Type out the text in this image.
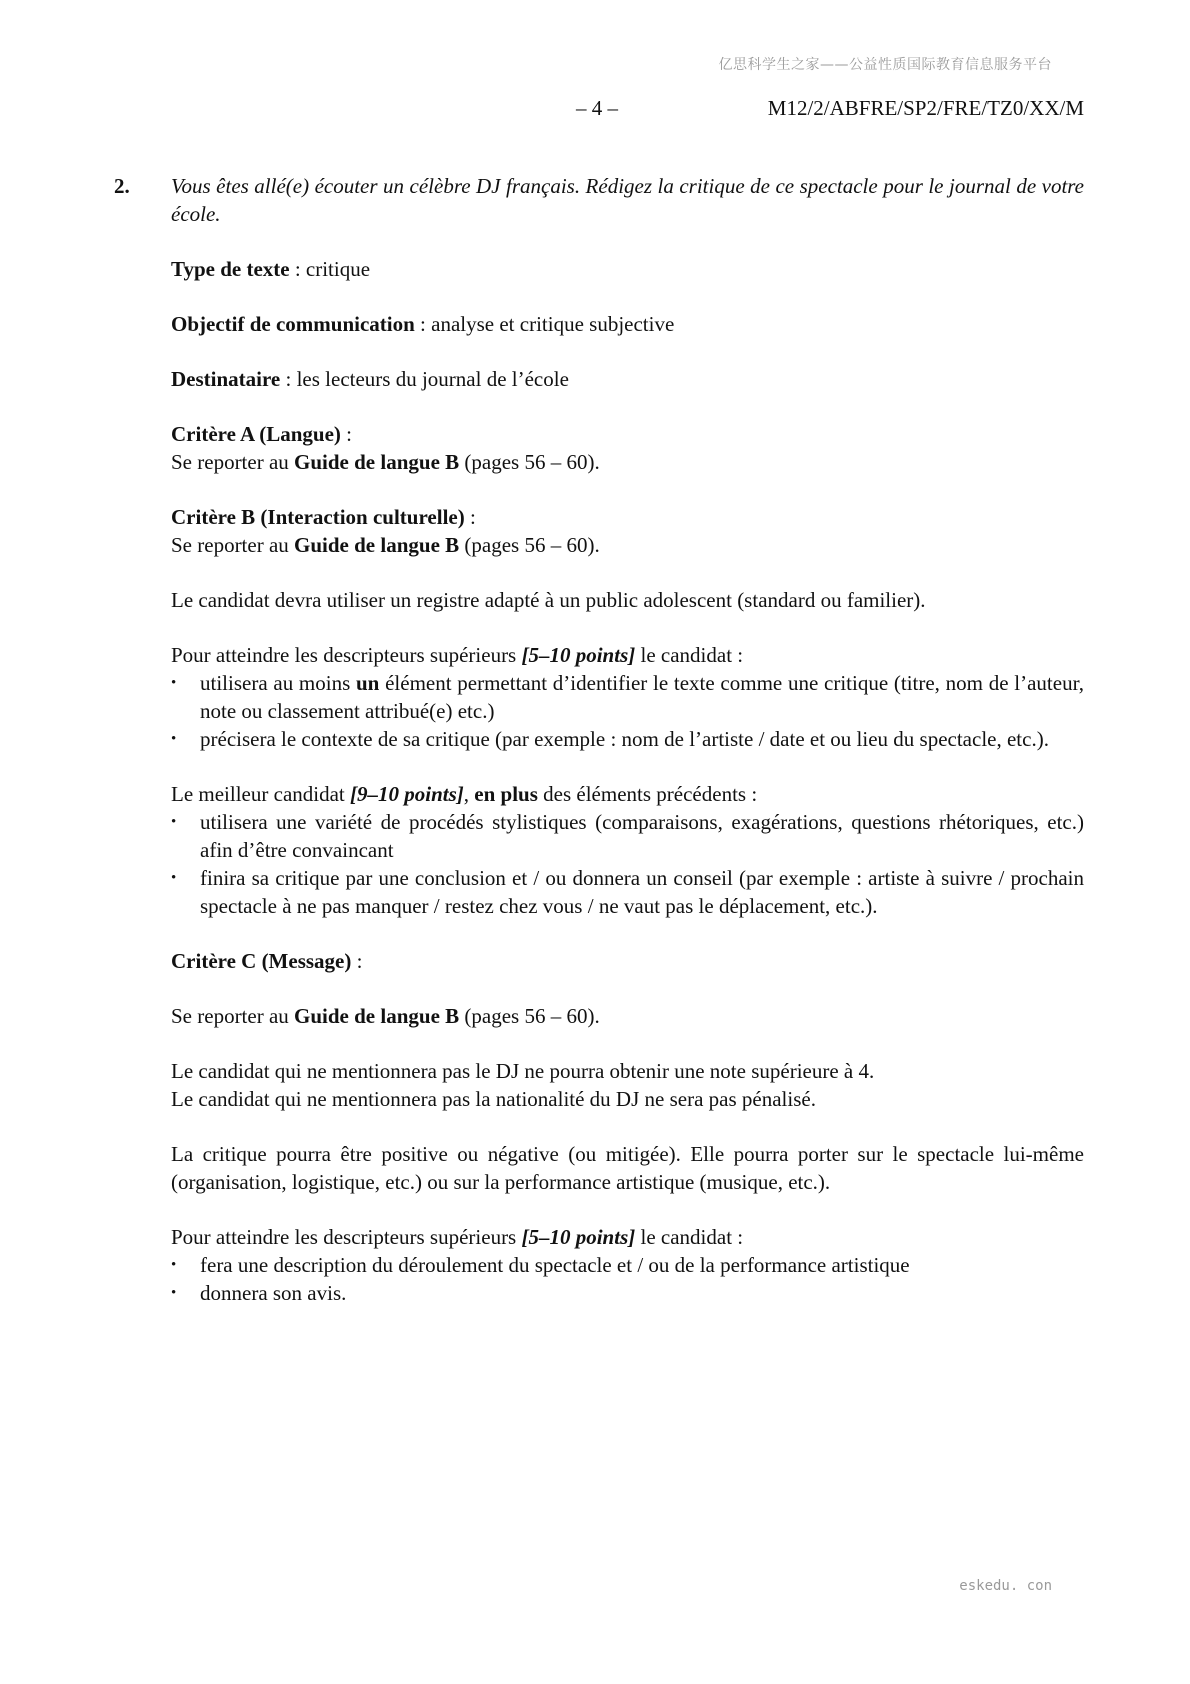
亿思科学生之家——公益性质国际教育信息服务平台
– 4 –	M12/2/ABFRE/SP2/FRE/TZ0/XX/M
2.	Vous êtes allé(e) écouter un célèbre DJ français. Rédigez la critique de ce spectacle pour le journal de votre école.

Type de texte : critique

Objectif de communication : analyse et critique subjective

Destinataire : les lecteurs du journal de l’école

Critère A (Langue) :

Se reporter au Guide de langue B (pages 56 – 60).

Critère B (Interaction culturelle) :

Se reporter au Guide de langue B (pages 56 – 60).

Le candidat devra utiliser un registre adapté à un public adolescent (standard ou familier).

Pour atteindre les descripteurs supérieurs [5–10 points] le candidat :

• utilisera au moins un élément permettant d’identifier le texte comme une critique (titre, nom de l’auteur, note ou classement attribué(e) etc.)
• précisera le contexte de sa critique (par exemple : nom de l’artiste / date et ou lieu du spectacle, etc.).

Le meilleur candidat [9–10 points], en plus des éléments précédents :

• utilisera une variété de procédés stylistiques (comparaisons, exagérations, questions rhétoriques, etc.) afin d’être convaincant
• finira sa critique par une conclusion et / ou donnera un conseil (par exemple : artiste à suivre / prochain spectacle à ne pas manquer / restez chez vous / ne vaut pas le déplacement, etc.).

Critère C (Message) :

Se reporter au Guide de langue B (pages 56 – 60).

Le candidat qui ne mentionnera pas le DJ ne pourra obtenir une note supérieure à 4.

Le candidat qui ne mentionnera pas la nationalité du DJ ne sera pas pénalisé.

La critique pourra être positive ou négative (ou mitigée). Elle pourra porter sur le spectacle lui-même (organisation, logistique, etc.) ou sur la performance artistique (musique, etc.).

Pour atteindre les descripteurs supérieurs [5–10 points] le candidat :

• fera une description du déroulement du spectacle et / ou de la performance artistique
• donnera son avis.
eskedu. con
